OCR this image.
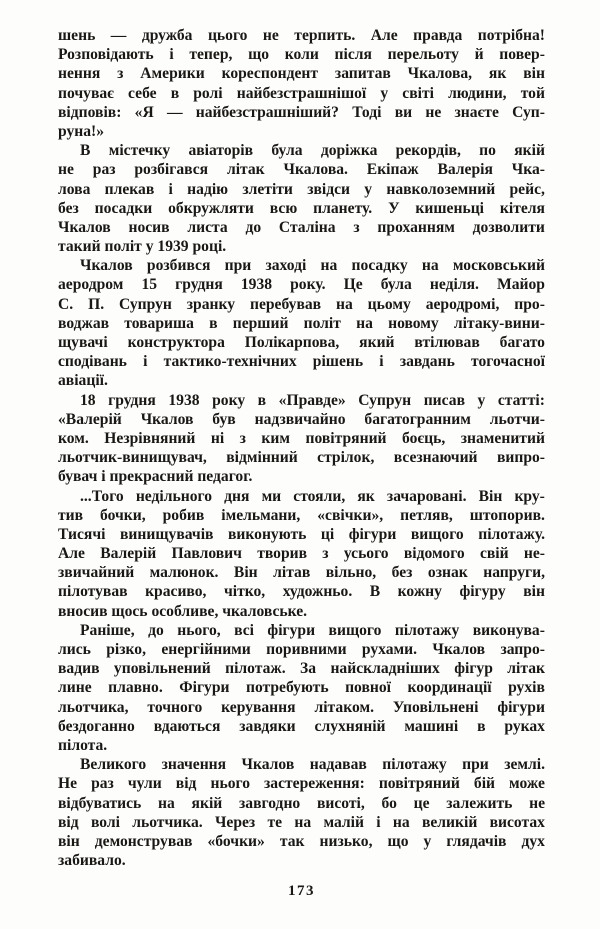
шень — дружба цього не терпить. Але правда потрібна!
Розповідають і тепер, що коли після перельоту й повер-
нення з Америки кореспондент запитав Чкалова, як він
почуває себе в ролі найбезстрашнішої у світі людини, той
відповів: «Я — найбезстрашніший? Тоді ви не знаєте Суп-
руна!»

В містечку авіаторів була доріжка рекордів, по якій
не раз розбігався літак Чкалова. Екіпаж Валерія Чка-
лова плекав і надію злетіти звідси у навколоземний рейс,
без посадки обкружляти всю планету. У кишеньці кітеля
Чкалов носив листа до Сталіна з проханням дозволити
такий політ у 1939 році.

Чкалов розбився при заході на посадку на московський
аеродром 15 грудня 1938 року. Це була неділя. Майор
С. П. Супрун зранку перебував на цьому аеродромі, про-
воджав товариша в перший політ на новому літаку-вини-
щувачі конструктора Полікарпова, який втілював багато
сподівань і тактико-технічних рішень і завдань тогочасної
авіації.

18 грудня 1938 року в «Правде» Супрун писав у статті:
«Валерій Чкалов був надзвичайно багатогранним льотчи-
ком. Незрівняний ні з ким повітряний боєць, знаменитий
льотчик-винищувач, відмінний стрілок, всезнаючий випро-
бувач і прекрасний педагог.

...Того недільного дня ми стояли, як зачаровані. Він кру-
тив бочки, робив імельмани, «свічки», петляв, штопорив.
Тисячі винищувачів виконують ці фігури вищого пілотажу.
Але Валерій Павлович творив з усього відомого свій не-
звичайний малюнок. Він літав вільно, без ознак напруги,
пілотував красиво, чітко, художньо. В кожну фігуру він
вносив щось особливе, чкаловське.

Раніше, до нього, всі фігури вищого пілотажу виконува-
лись різко, енергійними поривними рухами. Чкалов запро-
вадив уповільнений пілотаж. За найскладніших фігур літак
лине плавно. Фігури потребують повної координації рухів
льотчика, точного керування літаком. Уповільнені фігури
бездоганно вдаються завдяки слухняній машині в руках
пілота.

Великого значення Чкалов надавав пілотажу при землі.
Не раз чули від нього застереження: повітряний бій може
відбуватись на якій завгодно висоті, бо це залежить не
від волі льотчика. Через те на малій і на великій висотах
він демонстрував «бочки» так низько, що у глядачів дух
забивало.

173
